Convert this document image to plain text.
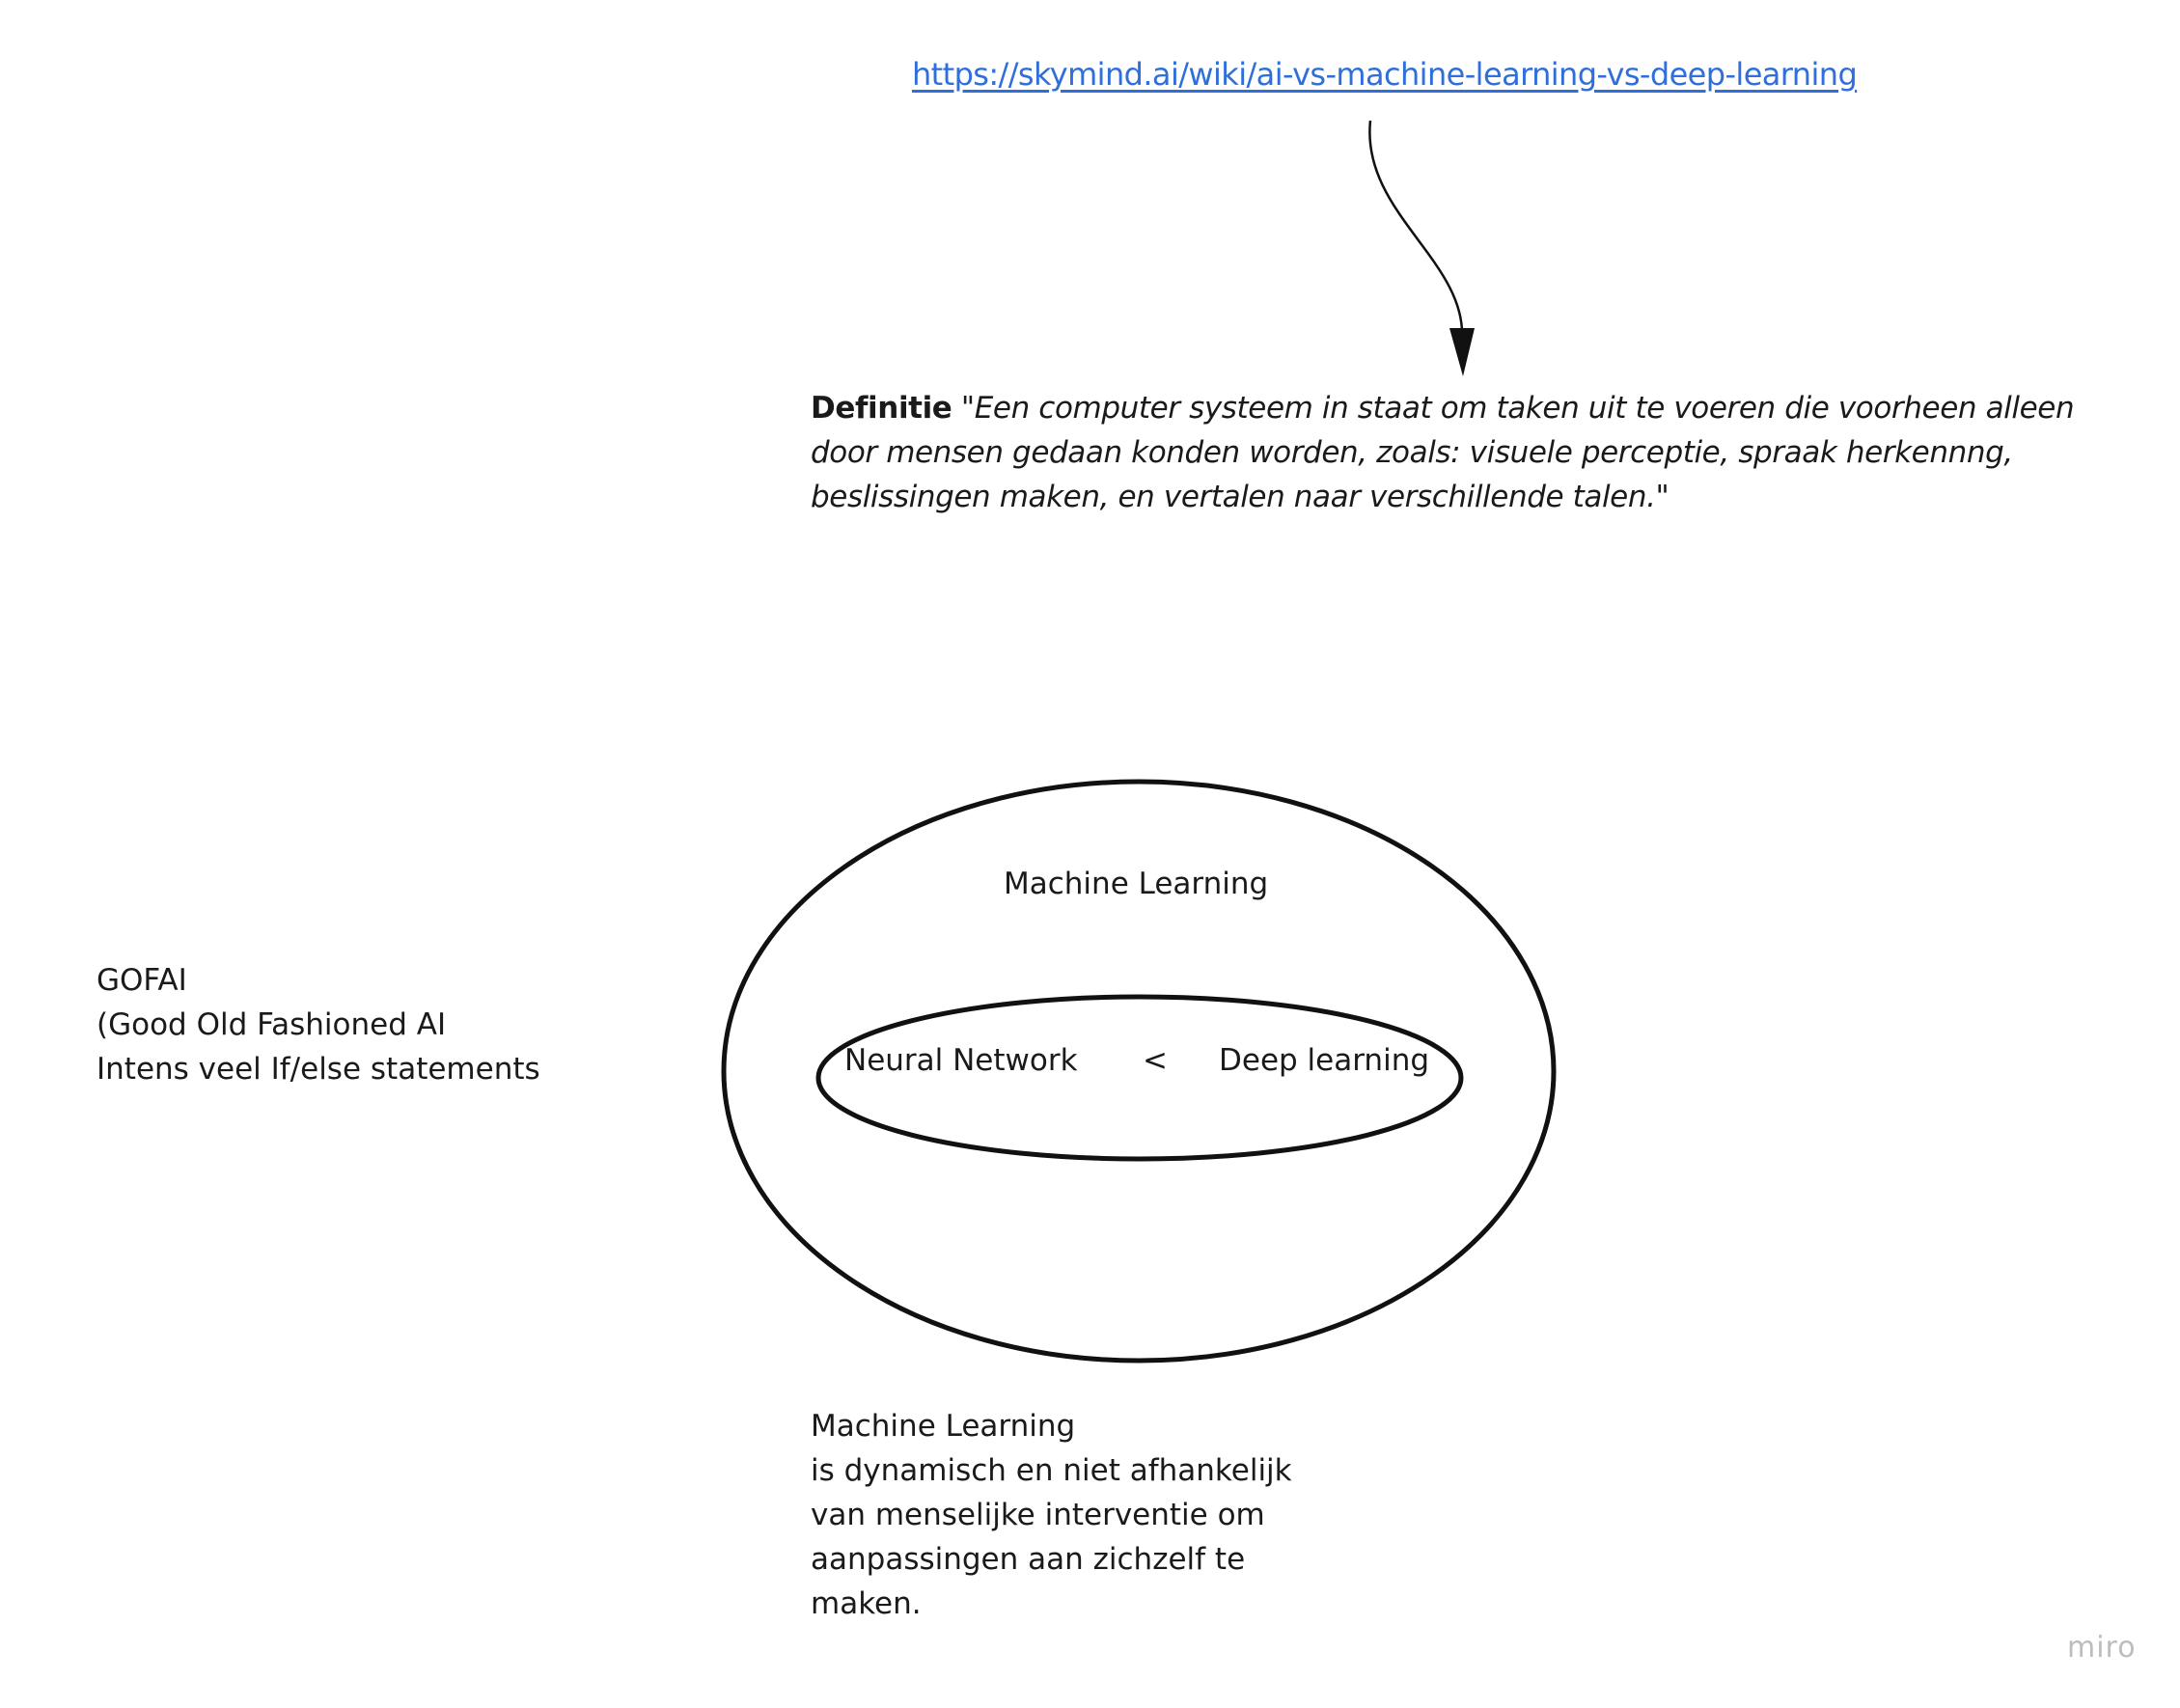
https://skymind.ai/wiki/ai-vs-machine-learning-vs-deep-learning
Definitie "Een computer systeem in staat om taken uit te voeren die voorheen alleen door mensen gedaan konden worden, zoals: visuele perceptie, spraak herkennng, beslissingen maken, en vertalen naar verschillende talen."
GOFAI
(Good Old Fashioned AI
Intens veel If/else statements
Machine Learning
Neural Network < Deep learning
Machine Learning
is dynamisch en niet afhankelijk
van menselijke interventie om
aanpassingen aan zichzelf te
maken.
miro
